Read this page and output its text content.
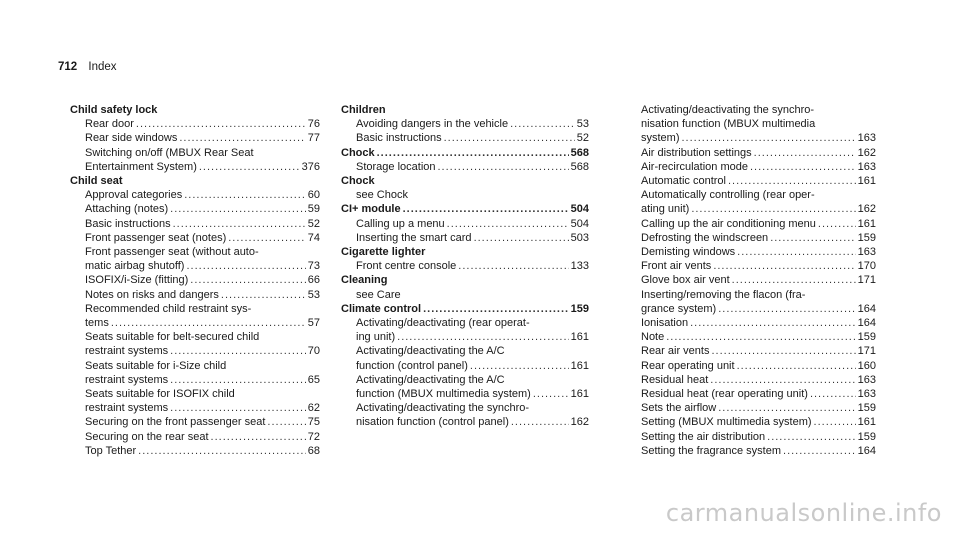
712 Index
Child safety lock
Rear door .....	76
Rear side windows .....	77
Switching on/off (MBUX Rear Seat
Entertainment System) .....	376
Child seat
Approval categories .....	60
Attaching (notes) .....	59
Basic instructions .....	52
Front passenger seat (notes) .....	74
Front passenger seat (without auto-
matic airbag shutoff) .....	73
ISOFIX/i-Size (fitting) .....	66
Notes on risks and dangers .....	53
Recommended child restraint sys-
tems .....	57
Seats suitable for belt-secured child
restraint systems .....	70
Seats suitable for i-Size child
restraint systems .....	65
Seats suitable for ISOFIX child
restraint systems .....	62
Securing on the front passenger seat .....	75
Securing on the rear seat .....	72
Top Tether .....	68
Children
Avoiding dangers in the vehicle .....	53
Basic instructions .....	52
Chock .....	568
Storage location .....	568
Chock
see Chock
CI+ module .....	504
Calling up a menu .....	504
Inserting the smart card .....	503
Cigarette lighter
Front centre console .....	133
Cleaning
see Care
Climate control .....	159
Activating/deactivating (rear operat-
ing unit) .....	161
Activating/deactivating the A/C
function (control panel) .....	161
Activating/deactivating the A/C
function (MBUX multimedia system) .....	161
Activating/deactivating the synchro-
nisation function (control panel) .....	162
Activating/deactivating the synchro-
nisation function (MBUX multimedia
system) .....	163
Air distribution settings .....	162
Air-recirculation mode .....	163
Automatic control .....	161
Automatically controlling (rear oper-
ating unit) .....	162
Calling up the air conditioning menu .....	161
Defrosting the windscreen .....	159
Demisting windows .....	163
Front air vents .....	170
Glove box air vent .....	171
Inserting/removing the flacon (fra-
grance system) .....	164
Ionisation .....	164
Note .....	159
Rear air vents .....	171
Rear operating unit .....	160
Residual heat .....	163
Residual heat (rear operating unit) .....	163
Sets the airflow .....	159
Setting (MBUX multimedia system) .....	161
Setting the air distribution .....	159
Setting the fragrance system .....	164
carmanualsonline.info
